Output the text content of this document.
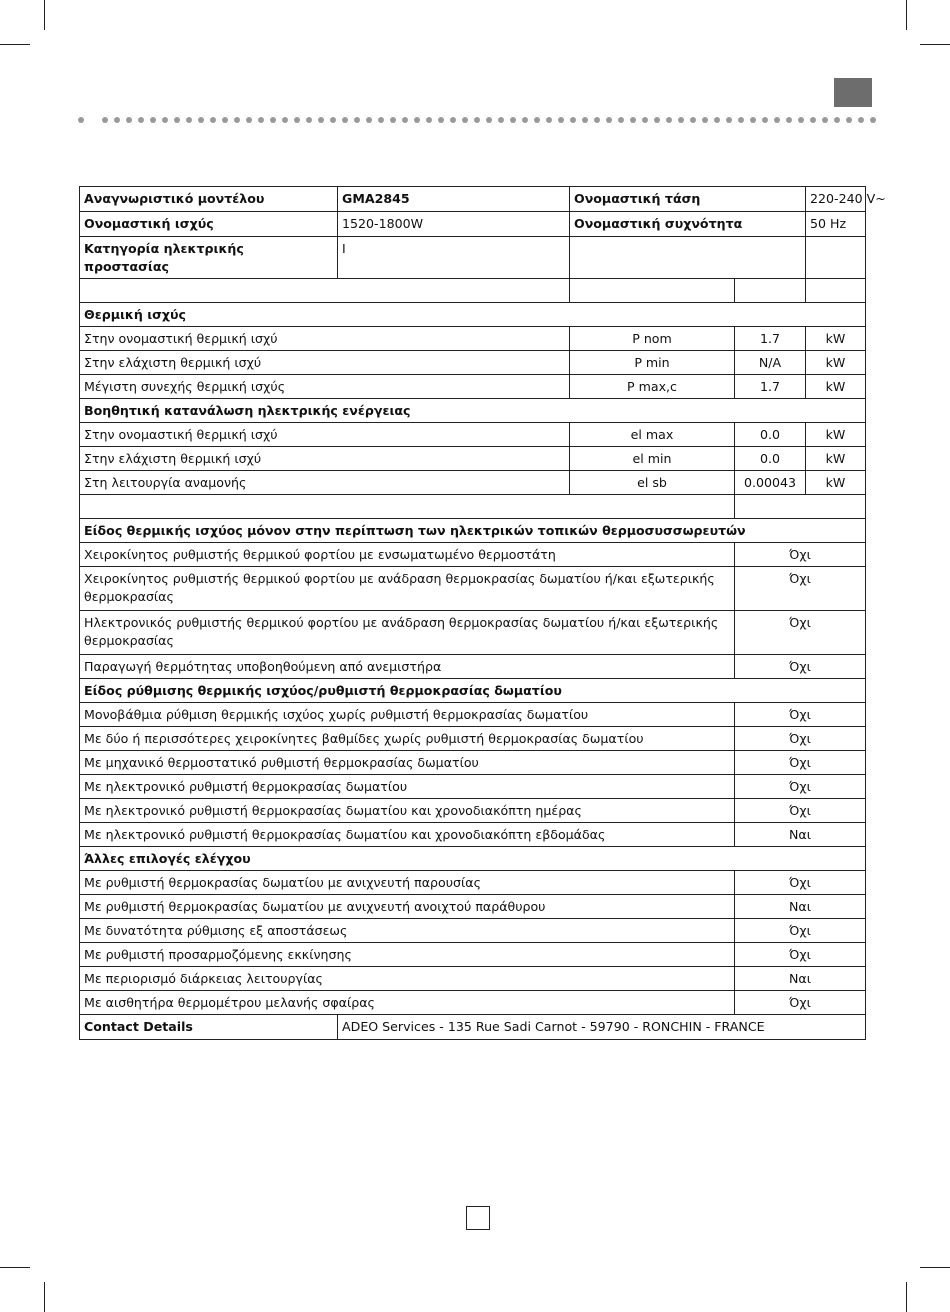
Αναγνωριστικό μοντέλου	GMA2845	Ονομαστική τάση		220-240 V~
Ονομαστική ισχύς	1520-1800W	Ονομαστική συχνότητα		50 Hz
Κατηγορία ηλεκτρικής προστασίας	I			

Θερμική ισχύς				
Στην ονομαστική θερμική ισχύ		P nom	1.7	kW
Στην ελάχιστη θερμική ισχύ		P min	N/A	kW
Μέγιστη συνεχής θερμική ισχύς		P max,c	1.7	kW
Βοηθητική κατανάλωση ηλεκτρικής ενέργειας				
Στην ονομαστική θερμική ισχύ		el max	0.0	kW
Στην ελάχιστη θερμική ισχύ		el min	0.0	kW
Στη λειτουργία αναμονής		el sb	0.00043	kW

Είδος θερμικής ισχύος μόνον στην περίπτωση των ηλεκτρικών τοπικών θερμοσυσσωρευτών				
Χειροκίνητος ρυθμιστής θερμικού φορτίου με ενσωματωμένο θερμοστάτη			Όχι	
Χειροκίνητος ρυθμιστής θερμικού φορτίου με ανάδραση θερμοκρασίας δωματίου ή/και εξωτερικής θερμοκρασίας			Όχι	
Ηλεκτρονικός ρυθμιστής θερμικού φορτίου με ανάδραση θερμοκρασίας δωματίου ή/και εξωτερικής θερμοκρασίας			Όχι	
Παραγωγή θερμότητας υποβοηθούμενη από ανεμιστήρα			Όχι	
Είδος ρύθμισης θερμικής ισχύος/ρυθμιστή θερμοκρασίας δωματίου				
Μονοβάθμια ρύθμιση θερμικής ισχύος χωρίς ρυθμιστή θερμοκρασίας δωματίου			Όχι	
Με δύο ή περισσότερες χειροκίνητες βαθμίδες χωρίς ρυθμιστή θερμοκρασίας δωματίου			Όχι	
Με μηχανικό θερμοστατικό ρυθμιστή θερμοκρασίας δωματίου			Όχι	
Με ηλεκτρονικό ρυθμιστή θερμοκρασίας δωματίου			Όχι	
Με ηλεκτρονικό ρυθμιστή θερμοκρασίας δωματίου και χρονοδιακόπτη ημέρας			Όχι	
Με ηλεκτρονικό ρυθμιστή θερμοκρασίας δωματίου και χρονοδιακόπτη εβδομάδας			Ναι	
Άλλες επιλογές ελέγχου				
Με ρυθμιστή θερμοκρασίας δωματίου με ανιχνευτή παρουσίας			Όχι	
Με ρυθμιστή θερμοκρασίας δωματίου με ανιχνευτή ανοιχτού παράθυρου			Ναι	
Με δυνατότητα ρύθμισης εξ αποστάσεως			Όχι	
Με ρυθμιστή προσαρμοζόμενης εκκίνησης			Όχι	
Με περιορισμό διάρκειας λειτουργίας			Ναι	
Με αισθητήρα θερμομέτρου μελανής σφαίρας			Όχι	
Contact Details	ADEO Services - 135 Rue Sadi Carnot - 59790 - RONCHIN - FRANCE			
